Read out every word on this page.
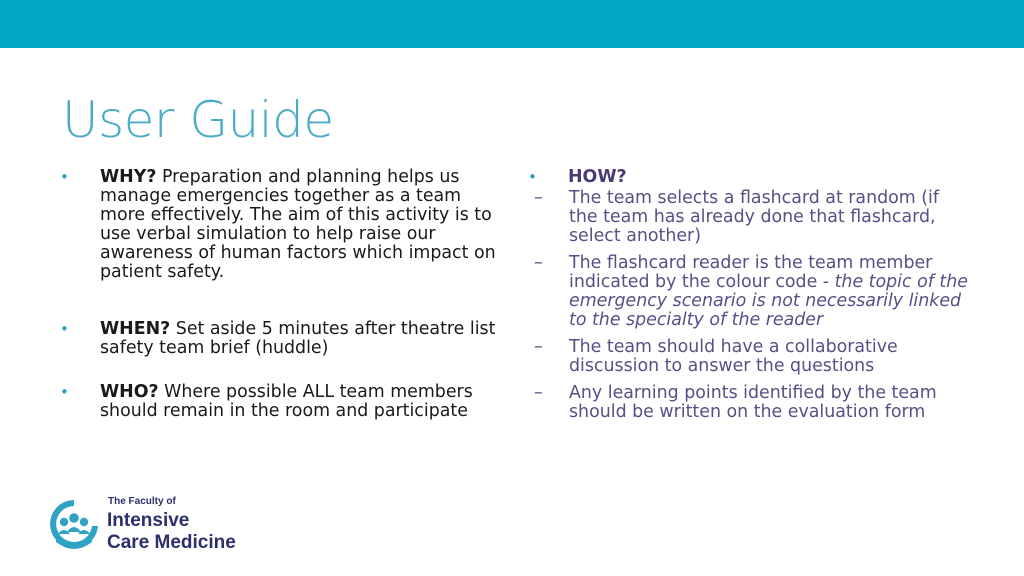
User Guide
• WHY? Preparation and planning helps us manage emergencies together as a team more effectively. The aim of this activity is to use verbal simulation to help raise our awareness of human factors which impact on patient safety.
• WHEN? Set aside 5 minutes after theatre list safety team brief (huddle)
• WHO? Where possible ALL team members should remain in the room and participate
• HOW?
– The team selects a flashcard at random (if the team has already done that flashcard, select another)
– The flashcard reader is the team member indicated by the colour code - the topic of the emergency scenario is not necessarily linked to the specialty of the reader
– The team should have a collaborative discussion to answer the questions
– Any learning points identified by the team should be written on the evaluation form
The Faculty of
Intensive
Care Medicine
